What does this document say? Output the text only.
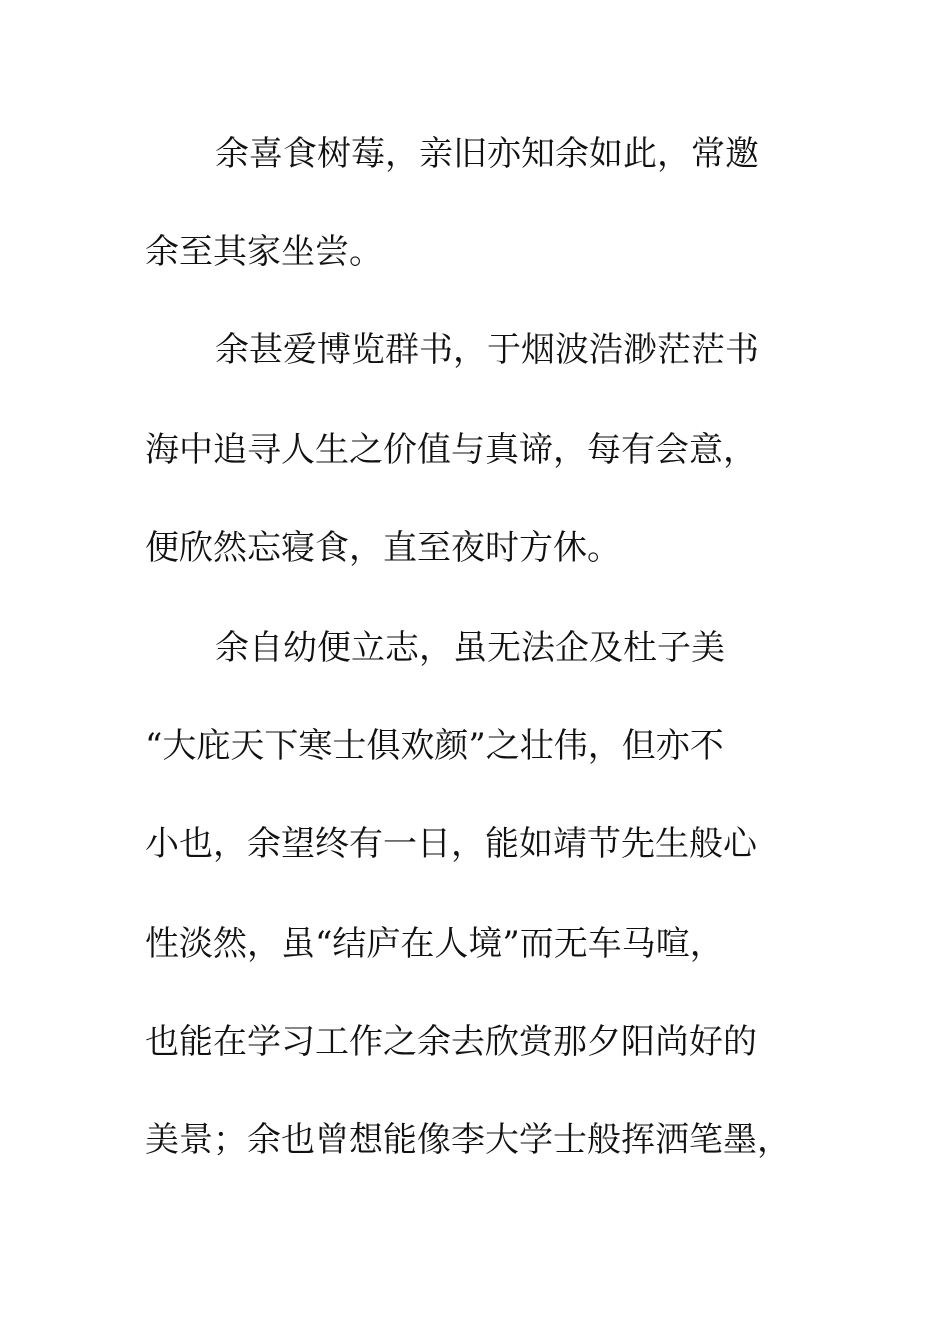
余喜食树莓，亲旧亦知余如此，常邀
余至其家坐尝。
余甚爱博览群书，于烟波浩渺茫茫书
海中追寻人生之价值与真谛，每有会意，
便欣然忘寝食，直至夜时方休。
余自幼便立志，虽无法企及杜子美
“大庇天下寒士俱欢颜”之壮伟，但亦不
小也，余望终有一日，能如靖节先生般心
性淡然，虽“结庐在人境”而无车马喧，
也能在学习工作之余去欣赏那夕阳尚好的
美景；余也曾想能像李大学士般挥洒笔墨，
